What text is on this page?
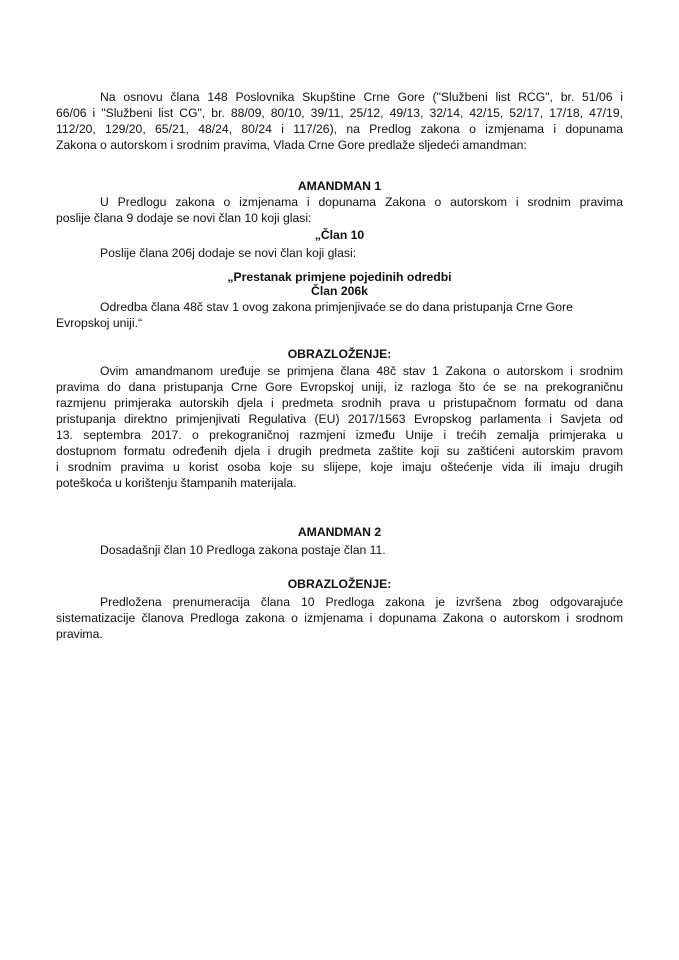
Na osnovu člana 148 Poslovnika Skupštine Crne Gore ("Službeni list RCG", br. 51/06 i
66/06 i "Službeni list CG", br. 88/09, 80/10, 39/11, 25/12, 49/13, 32/14, 42/15, 52/17, 17/18, 47/19,
112/20, 129/20, 65/21, 48/24, 80/24 i 117/26), na Predlog zakona o izmjenama i dopunama
Zakona o autorskom i srodnim pravima, Vlada Crne Gore predlaže sljedeći amandman:
AMANDMAN 1
U Predlogu zakona o izmjenama i dopunama Zakona o autorskom i srodnim pravima
poslije člana 9 dodaje se novi član 10 koji glasi:
„Član 10
Poslije člana 206j dodaje se novi član koji glasi:
„Prestanak primjene pojedinih odredbi
Član 206k
Odredba člana 48č stav 1 ovog zakona primjenjivaće se do dana pristupanja Crne Gore
Evropskoj uniji.“
OBRAZLOŽENJE:
Ovim amandmanom uređuje se primjena člana 48č stav 1 Zakona o autorskom i srodnim
pravima do dana pristupanja Crne Gore Evropskoj uniji, iz razloga što će se na prekograničnu
razmjenu primjeraka autorskih djela i predmeta srodnih prava u pristupačnom formatu od dana
pristupanja direktno primjenjivati Regulativa (EU) 2017/1563 Evropskog parlamenta i Savjeta od
13. septembra 2017. o prekograničnoj razmjeni između Unije i trećih zemalja primjeraka u
dostupnom formatu određenih djela i drugih predmeta zaštite koji su zaštićeni autorskim pravom
i srodnim pravima u korist osoba koje su slijepe, koje imaju oštećenje vida ili imaju drugih
poteškoća u korištenju štampanih materijala.
AMANDMAN 2
Dosadašnji član 10 Predloga zakona postaje član 11.
OBRAZLOŽENJE:
Predložena prenumeracija člana 10 Predloga zakona je izvršena zbog odgovarajuće
sistematizacije članova Predloga zakona o izmjenama i dopunama Zakona o autorskom i srodnom
pravima.
